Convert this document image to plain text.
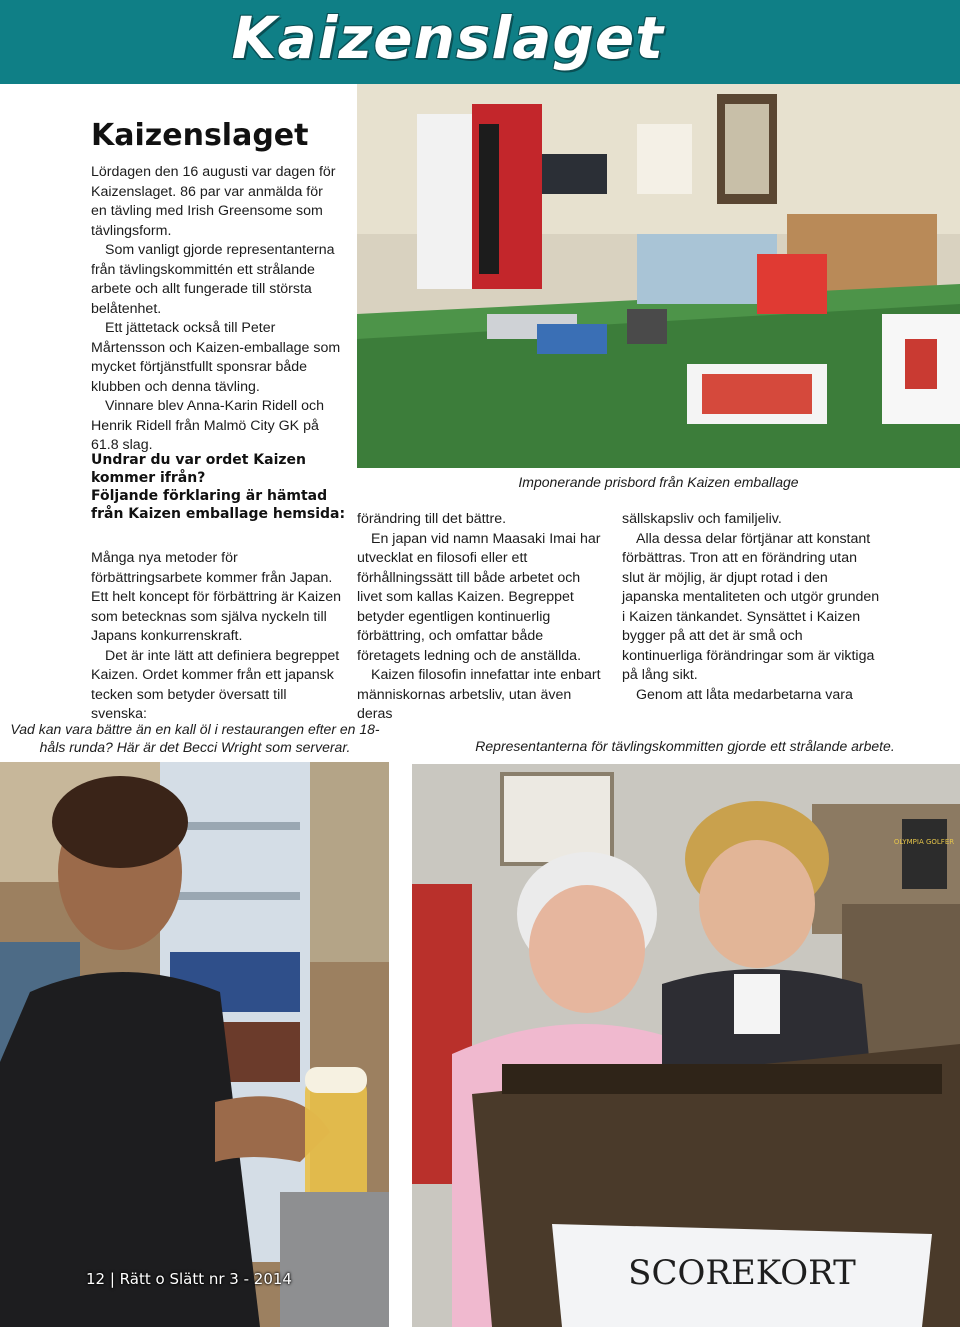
Kaizenslaget
Kaizenslaget

Lördagen den 16 augusti var dagen för Kaizenslaget. 86 par var anmälda för en tävling med Irish Greensome som tävlingsform.

Som vanligt gjorde representanterna från tävlingskommittén ett strålande arbete och allt fungerade till största belåtenhet.

Ett jättetack också till Peter Mårtensson och Kaizen-emballage som mycket förtjänstfullt sponsrar både klubben och denna tävling.

Vinnare blev Anna-Karin Ridell och Henrik Ridell från Malmö City GK på 61.8 slag.

Undrar du var ordet Kaizen kommer ifrån?

Följande förklaring är hämtad från Kaizen emballage hemsida:

Många nya metoder för förbättringsarbete kommer från Japan. Ett helt koncept för förbättring är Kaizen som betecknas som själva nyckeln till Japans konkurrenskraft.

Det är inte lätt att definiera begreppet Kaizen. Ordet kommer från ett japansk tecken som betyder översatt till svenska:

förändring till det bättre.

En japan vid namn Maasaki Imai har utvecklat en filosofi eller ett förhållningssätt till både arbetet och livet som kallas Kaizen. Begreppet betyder egentligen kontinuerlig förbättring, och omfattar både företagets ledning och de anställda.

Kaizen filosofin innefattar inte enbart människornas arbetsliv, utan även deras

sällskapsliv och familjeliv.

Alla dessa delar förtjänar att konstant förbättras. Tron att en förändring utan slut är möjlig, är djupt rotad i den japanska mentaliteten och utgör grunden i Kaizen tänkandet. Synsättet i Kaizen bygger på att det är små och kontinuerliga förändringar som är viktiga på lång sikt.

Genom att låta medarbetarna vara

Imponerande prisbord från Kaizen emballage
Vad kan vara bättre än en kall öl i restaurangen efter en 18-håls runda? Här är det Becci Wright som serverar.	Representanterna för tävlingskommitten gjorde ett strålande arbete.
OLYMPIA GOLFER
SCOREKORT
12 | Rätt o Slätt nr 3 - 2014
